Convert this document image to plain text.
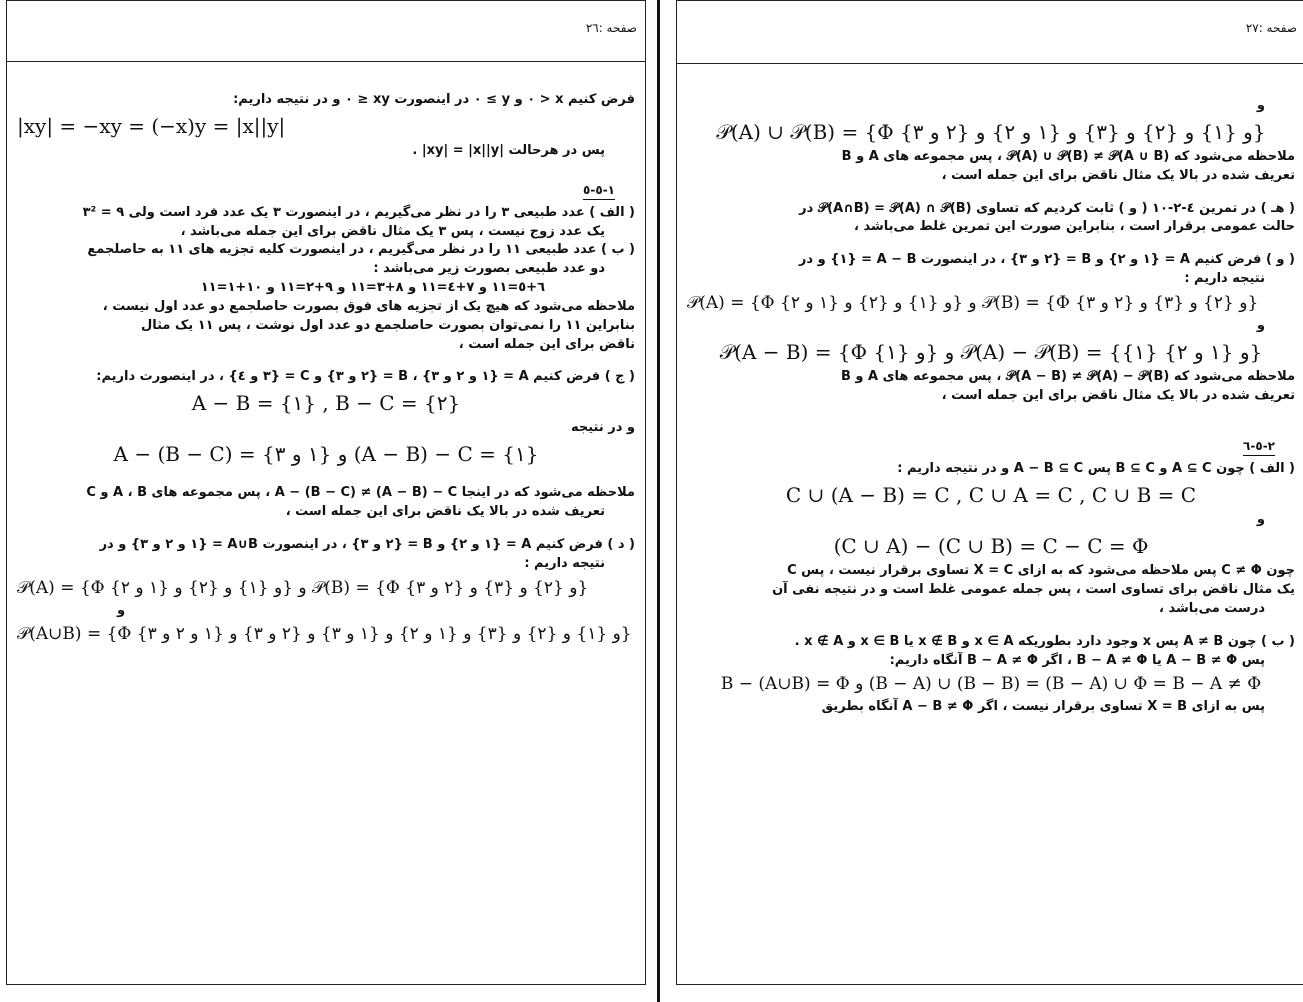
صفحه :٢٦
فرض کنیم x < ٠ و y ≥ ٠ در اینصورت xy ≤ ٠ و در نتیجه داریم:
|xy| = −xy = (−x)y = |x||y|
پس در هرحالت |xy| = |x||y| .
١-٥-٥
( الف ) عدد طبیعی ٣ را در نظر می‌گیریم ، در اینصورت ٣ یک عدد فرد است ولی ٩ = ٣²
یک عدد زوج نیست ، پس ٣ یک مثال ناقض برای این جمله می‌باشد ،
( ب ) عدد طبیعی ١١ را در نظر می‌گیریم ، در اینصورت کلیه تجزیه های ١١ به حاصلجمع
دو عدد طبیعی بصورت زیر می‌باشد :
٦+٥=١١ و ٧+٤=١١ و ٨+٣=١١ و ٩+٢=١١ و ١٠+١=١١
ملاحظه می‌شود که هیچ یک از تجزیه های فوق بصورت حاصلجمع دو عدد اول نیست ،
بنابراین ١١ را نمی‌توان بصورت حاصلجمع دو عدد اول نوشت ، پس ١١ یک مثال
ناقض برای این جمله است ،
( ج ) فرض کنیم A = {١ و ٢ و ٣} ، B = {٢ و ٣} و C = {٣ و ٤} ، در اینصورت داریم:
A − B = {١} , B − C = {٢}
و در نتیجه
A − (B − C) = {١ و ٣} و (A − B) − C = {١}
ملاحظه می‌شود که در اینجا A − (B − C) ≠ (A − B) − C ، پس مجموعه های A ، B و C
تعریف شده در بالا یک ناقض برای این جمله است ،
( د ) فرض کنیم A = {١ و ٢} و B = {٢ و ٣} ، در اینصورت A∪B = {١ و ٢ و ٣} و در
نتیجه داریم :
𝒫(A) = {Φ و {١} و {٢} و {١ و ٢}} و 𝒫(B) = {Φ و {٢} و {٣} و {٢ و ٣}}
و
𝒫(A∪B) = {Φ و {١} و {٢} و {٣} و {١ و ٢} و {١ و ٣} و {٢ و ٣} و {١ و ٢ و ٣}}
صفحه :٢٧
و
𝒫(A) ∪ 𝒫(B) = {Φ و {١} و {٢} و {٣} و {١ و ٢} و {٢ و ٣}}
ملاحظه می‌شود که 𝒫(A) ∪ 𝒫(B) ≠ 𝒫(A ∪ B) ، پس مجموعه های A و B
تعریف شده در بالا یک مثال ناقض برای این جمله است ،
( هـ ) در تمرین ٤-٢-١٠ ( و ) ثابت کردیم که تساوی 𝒫(A∩B) = 𝒫(A) ∩ 𝒫(B) در
حالت عمومی برقرار است ، بنابراین صورت این تمرین غلط می‌باشد ،
( و ) فرض کنیم A = {١ و ٢} و B = {٢ و ٣} ، در اینصورت A − B = {١} و در
نتیجه داریم :
𝒫(A) = {Φ و {١} و {٢} و {١ و ٢}} و 𝒫(B) = {Φ و {٢} و {٣} و {٢ و ٣}}
و
𝒫(A − B) = {Φ و {١}} و 𝒫(A) − 𝒫(B) = {{١} و {١ و ٢}}
ملاحظه می‌شود که 𝒫(A − B) ≠ 𝒫(A) − 𝒫(B) ، پس مجموعه های A و B
تعریف شده در بالا یک مثال ناقض برای این جمله است ،
٢-٥-٦
( الف ) چون A ⊆ C و B ⊆ C پس A − B ⊆ C و در نتیجه داریم :
C ∪ (A − B) = C , C ∪ A = C , C ∪ B = C
و
(C ∪ A) − (C ∪ B) = C − C = Φ
چون C ≠ Φ پس ملاحظه می‌شود که به ازای X = C تساوی برقرار نیست ، پس C
یک مثال ناقض برای تساوی است ، پس جمله عمومی غلط است و در نتیجه نفی آن
درست می‌باشد ،
( ب ) چون A ≠ B پس x وجود دارد بطوریکه x ∈ A و x ∉ B یا x ∈ B و x ∉ A .
پس A − B ≠ Φ یا B − A ≠ Φ ، اگر B − A ≠ Φ آنگاه داریم:
B − (A∪B) = Φ و (B − A) ∪ (B − B) = (B − A) ∪ Φ = B − A ≠ Φ
پس به ازای X = B تساوی برقرار نیست ، اگر A − B ≠ Φ آنگاه بطریق
